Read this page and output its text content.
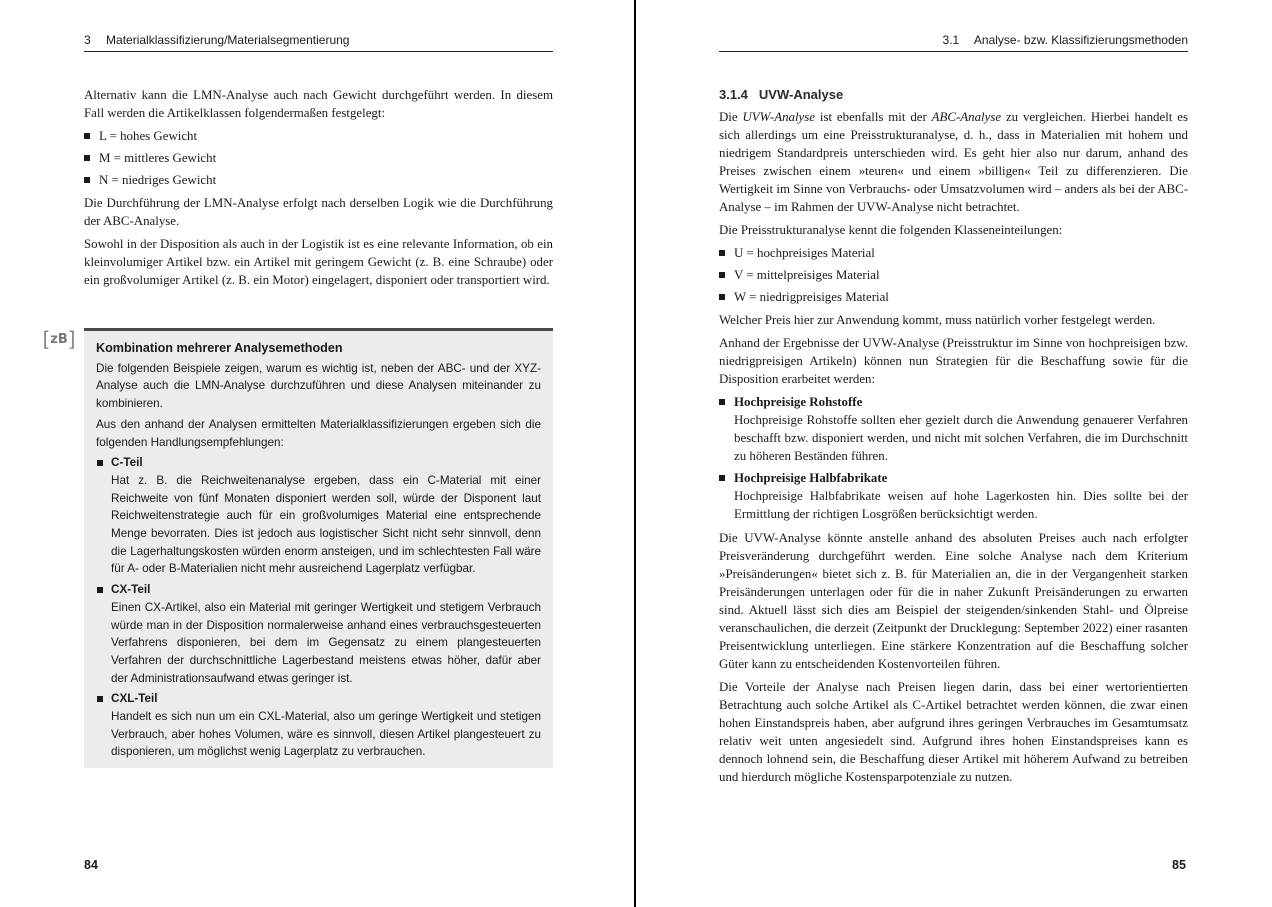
3 Materialklassifizierung/Materialsegmentierung

Alternativ kann die LMN-Analyse auch nach Gewicht durchgeführt werden. In diesem Fall werden die Artikelklassen folgendermaßen festgelegt:

L = hohes Gewicht
M = mittleres Gewicht
N = niedriges Gewicht

Die Durchführung der LMN-Analyse erfolgt nach derselben Logik wie die Durchführung der ABC-Analyse.

Sowohl in der Disposition als auch in der Logistik ist es eine relevante Information, ob ein kleinvolumiger Artikel bzw. ein Artikel mit geringem Gewicht (z. B. eine Schraube) oder ein großvolumiger Artikel (z. B. ein Motor) eingelagert, disponiert oder transportiert wird.

[ zB ] Kombination mehrerer Analysemethoden

Die folgenden Beispiele zeigen, warum es wichtig ist, neben der ABC- und der XYZ-Analyse auch die LMN-Analyse durchzuführen und diese Analysen miteinander zu kombinieren.

Aus den anhand der Analysen ermittelten Materialklassifizierungen ergeben sich die folgenden Handlungsempfehlungen:

C-Teil
Hat z. B. die Reichweitenanalyse ergeben, dass ein C-Material mit einer Reichweite von fünf Monaten disponiert werden soll, würde der Disponent laut Reichweitenstrategie auch für ein großvolumiges Material eine entsprechende Menge bevorraten. Dies ist jedoch aus logistischer Sicht nicht sehr sinnvoll, denn die Lagerhaltungskosten würden enorm ansteigen, und im schlechtesten Fall wäre für A- oder B-Materialien nicht mehr ausreichend Lagerplatz verfügbar.
CX-Teil
Einen CX-Artikel, also ein Material mit geringer Wertigkeit und stetigem Verbrauch würde man in der Disposition normalerweise anhand eines verbrauchsgesteuerten Verfahrens disponieren, bei dem im Gegensatz zu einem plangesteuerten Verfahren der durchschnittliche Lagerbestand meistens etwas höher, dafür aber der Administrationsaufwand etwas geringer ist.
CXL-Teil
Handelt es sich nun um ein CXL-Material, also um geringe Wertigkeit und stetigen Verbrauch, aber hohes Volumen, wäre es sinnvoll, diesen Artikel plangesteuert zu disponieren, um möglichst wenig Lagerplatz zu verbrauchen.
84
3.1 Analyse- bzw. Klassifizierungsmethoden
3.1.4 UVW-Analyse

Die UVW-Analyse ist ebenfalls mit der ABC-Analyse zu vergleichen. Hierbei handelt es sich allerdings um eine Preisstrukturanalyse, d. h., dass in Materialien mit hohem und niedrigem Standardpreis unterschieden wird. Es geht hier also nur darum, anhand des Preises zwischen einem »teuren« und einem »billigen« Teil zu differenzieren. Die Wertigkeit im Sinne von Verbrauchs- oder Umsatzvolumen wird – anders als bei der ABC-Analyse – im Rahmen der UVW-Analyse nicht betrachtet.

Die Preisstrukturanalyse kennt die folgenden Klasseneinteilungen:

U = hochpreisiges Material
V = mittelpreisiges Material
W = niedrigpreisiges Material

Welcher Preis hier zur Anwendung kommt, muss natürlich vorher festgelegt werden.

Anhand der Ergebnisse der UVW-Analyse (Preisstruktur im Sinne von hochpreisigen bzw. niedrigpreisigen Artikeln) können nun Strategien für die Beschaffung sowie für die Disposition erarbeitet werden:

Hochpreisige Rohstoffe
Hochpreisige Rohstoffe sollten eher gezielt durch die Anwendung genauerer Verfahren beschafft bzw. disponiert werden, und nicht mit solchen Verfahren, die im Durchschnitt zu höheren Beständen führen.
Hochpreisige Halbfabrikate
Hochpreisige Halbfabrikate weisen auf hohe Lagerkosten hin. Dies sollte bei der Ermittlung der richtigen Losgrößen berücksichtigt werden.

Die UVW-Analyse könnte anstelle anhand des absoluten Preises auch nach erfolgter Preisveränderung durchgeführt werden. Eine solche Analyse nach dem Kriterium »Preisänderungen« bietet sich z. B. für Materialien an, die in der Vergangenheit starken Preisänderungen unterlagen oder für die in naher Zukunft Preisänderungen zu erwarten sind. Aktuell lässt sich dies am Beispiel der steigenden/sinkenden Stahl- und Ölpreise veranschaulichen, die derzeit (Zeitpunkt der Drucklegung: September 2022) einer rasanten Preisentwicklung unterliegen. Eine stärkere Konzentration auf die Beschaffung solcher Güter kann zu entscheidenden Kostenvorteilen führen.

Die Vorteile der Analyse nach Preisen liegen darin, dass bei einer wertorientierten Betrachtung auch solche Artikel als C-Artikel betrachtet werden können, die zwar einen hohen Einstandspreis haben, aber aufgrund ihres geringen Verbrauches im Gesamtumsatz relativ weit unten angesiedelt sind. Aufgrund ihres hohen Einstandspreises kann es dennoch lohnend sein, die Beschaffung dieser Artikel mit höherem Aufwand zu betreiben und hierdurch mögliche Kostensparpotenziale zu nutzen.

85
